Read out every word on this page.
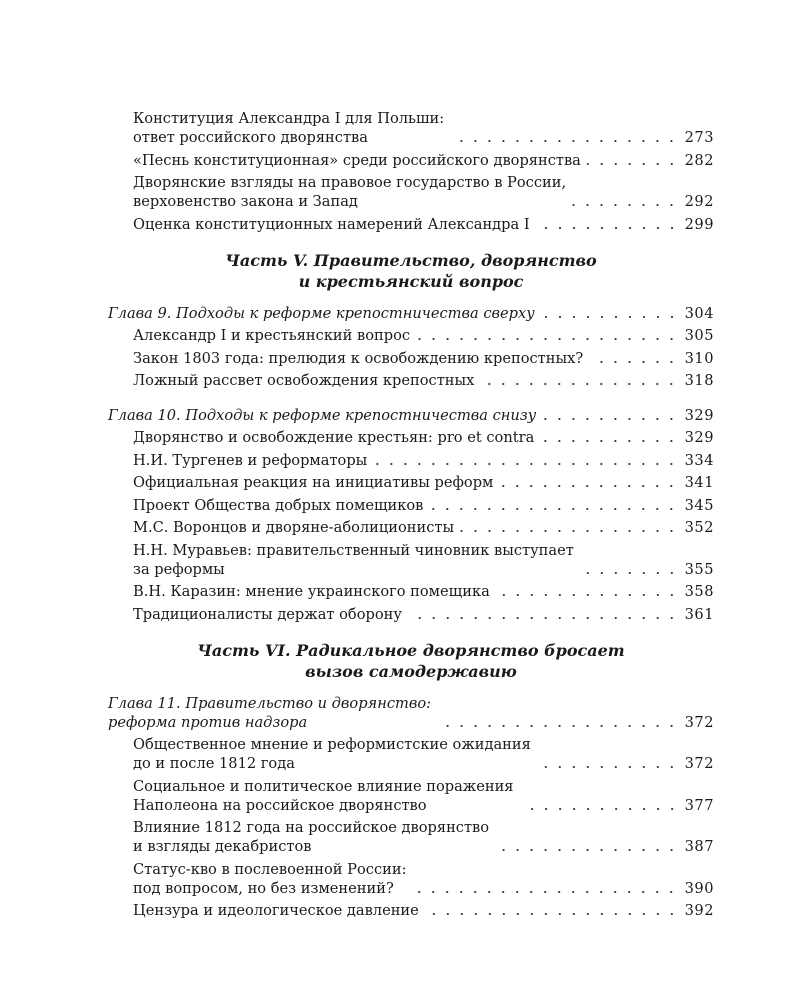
Конституция Александра I для Польши:
ответ российского дворянства	273
«Песнь конституционная» среди российского дворянства	282
Дворянские взгляды на правовое государство в России,
верховенство закона и Запад	292
Оценка конституционных намерений Александра I	299
Часть V. Правительство, дворянство
и крестьянский вопрос
Глава 9. Подходы к реформе крепостничества сверху	304
Александр I и крестьянский вопрос	305
Закон 1803 года: прелюдия к освобождению крепостных?	310
Ложный рассвет освобождения крепостных	318
Глава 10. Подходы к реформе крепостничества снизу	329
Дворянство и освобождение крестьян: pro et contra	329
Н.И. Тургенев и реформаторы	334
Официальная реакция на инициативы реформ	341
Проект Общества добрых помещиков	345
М.С. Воронцов и дворяне-аболиционисты	352
Н.Н. Муравьев: правительственный чиновник выступает
за реформы	355
В.Н. Каразин: мнение украинского помещика	358
Традиционалисты держат оборону	361
Часть VI. Радикальное дворянство бросает
вызов самодержавию
Глава 11. Правительство и дворянство:
реформа против надзора	372
Общественное мнение и реформистские ожидания
до и после 1812 года	372
Социальное и политическое влияние поражения
Наполеона на российское дворянство	377
Влияние 1812 года на российское дворянство
и взгляды декабристов	387
Статус-кво в послевоенной России:
под вопросом, но без изменений?	390
Цензура и идеологическое давление	392
